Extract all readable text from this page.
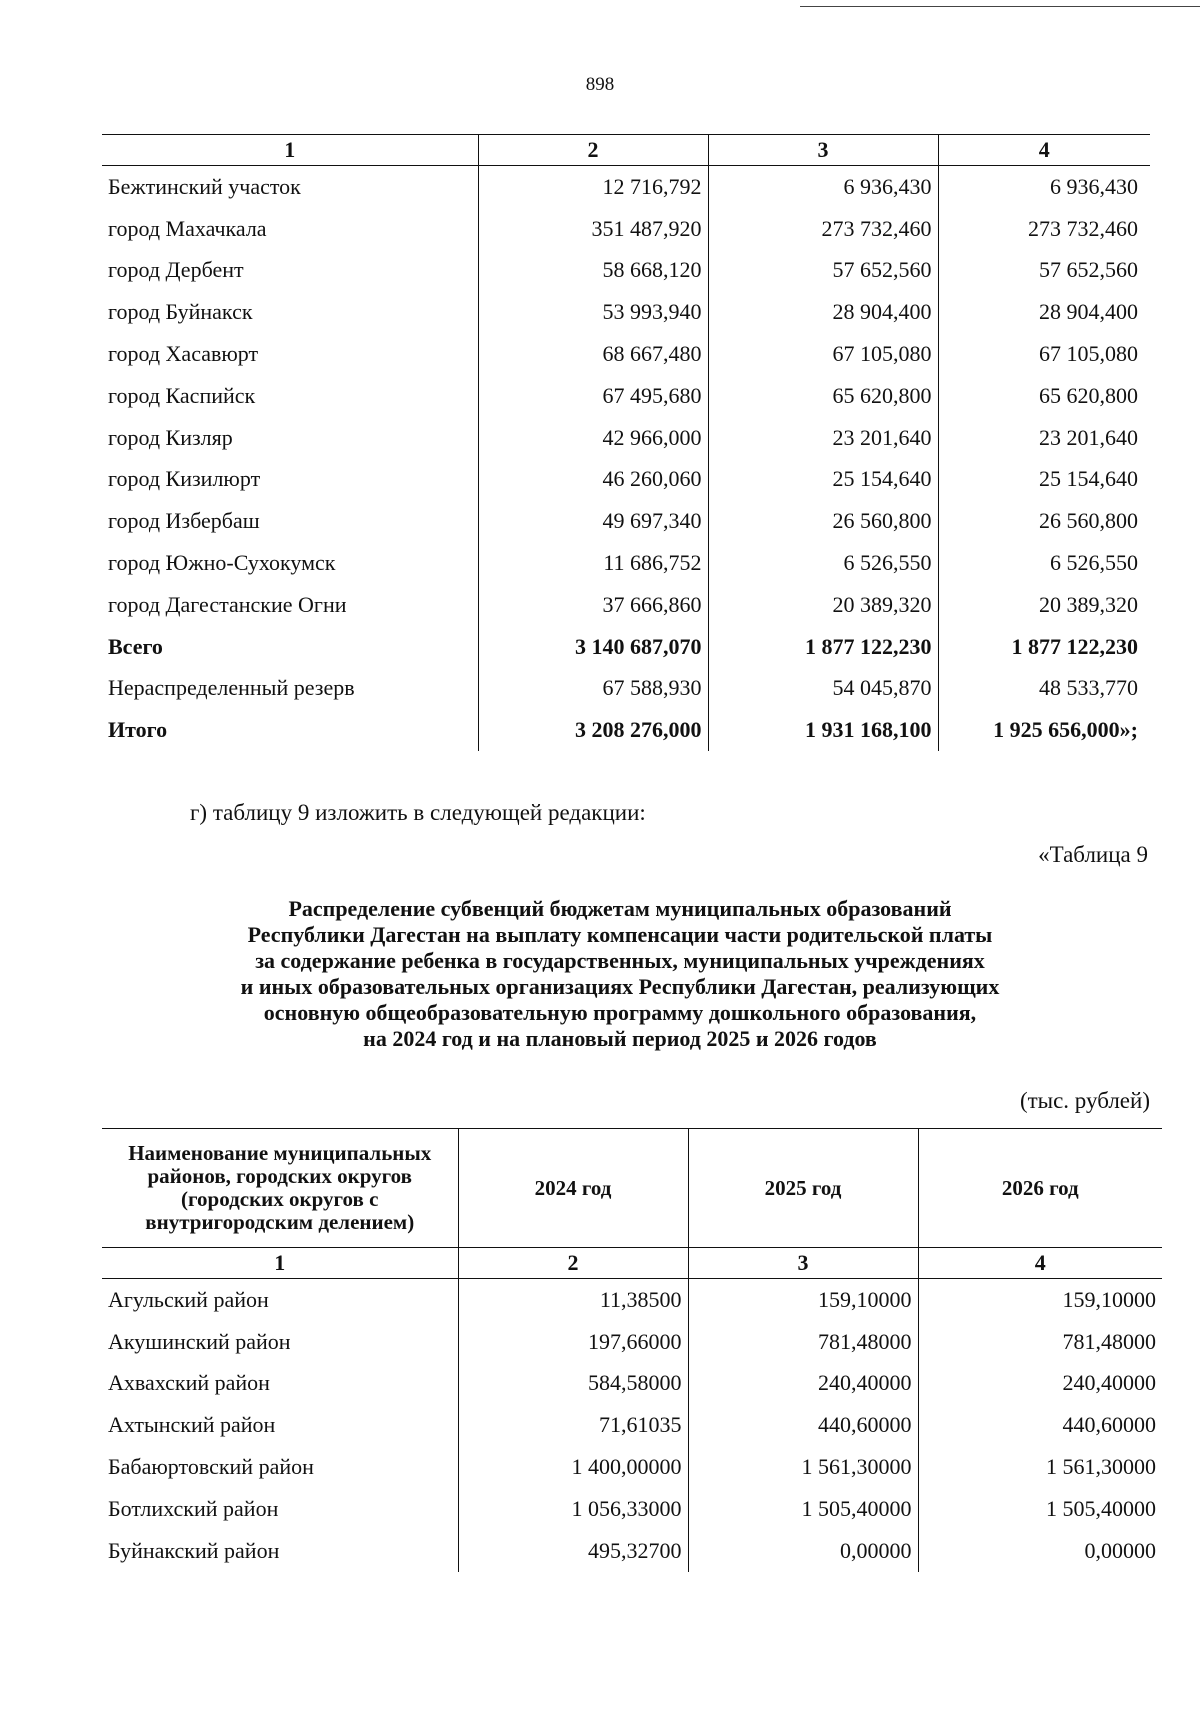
898
1	2	3	4
Бежтинский участок	12 716,792	6 936,430	6 936,430
город Махачкала	351 487,920	273 732,460	273 732,460
город Дербент	58 668,120	57 652,560	57 652,560
город Буйнакск	53 993,940	28 904,400	28 904,400
город Хасавюрт	68 667,480	67 105,080	67 105,080
город Каспийск	67 495,680	65 620,800	65 620,800
город Кизляр	42 966,000	23 201,640	23 201,640
город Кизилюрт	46 260,060	25 154,640	25 154,640
город Избербаш	49 697,340	26 560,800	26 560,800
город Южно-Сухокумск	11 686,752	6 526,550	6 526,550
город Дагестанские Огни	37 666,860	20 389,320	20 389,320
Всего	3 140 687,070	1 877 122,230	1 877 122,230
Нераспределенный резерв	67 588,930	54 045,870	48 533,770
Итого	3 208 276,000	1 931 168,100	1 925 656,000»;
г) таблицу 9 изложить в следующей редакции:
«Таблица 9
Распределение субвенций бюджетам муниципальных образований
Республики Дагестан на выплату компенсации части родительской платы
за содержание ребенка в государственных, муниципальных учреждениях
и иных образовательных организациях Республики Дагестан, реализующих
основную общеобразовательную программу дошкольного образования,
на 2024 год и на плановый период 2025 и 2026 годов
(тыс. рублей)
Наименование муниципальных районов, городских округов (городских округов с внутригородским делением)	2024 год	2025 год	2026 год
1	2	3	4
Агульский район	11,38500	159,10000	159,10000
Акушинский район	197,66000	781,48000	781,48000
Ахвахский район	584,58000	240,40000	240,40000
Ахтынский район	71,61035	440,60000	440,60000
Бабаюртовский район	1 400,00000	1 561,30000	1 561,30000
Ботлихский район	1 056,33000	1 505,40000	1 505,40000
Буйнакский район	495,32700	0,00000	0,00000
